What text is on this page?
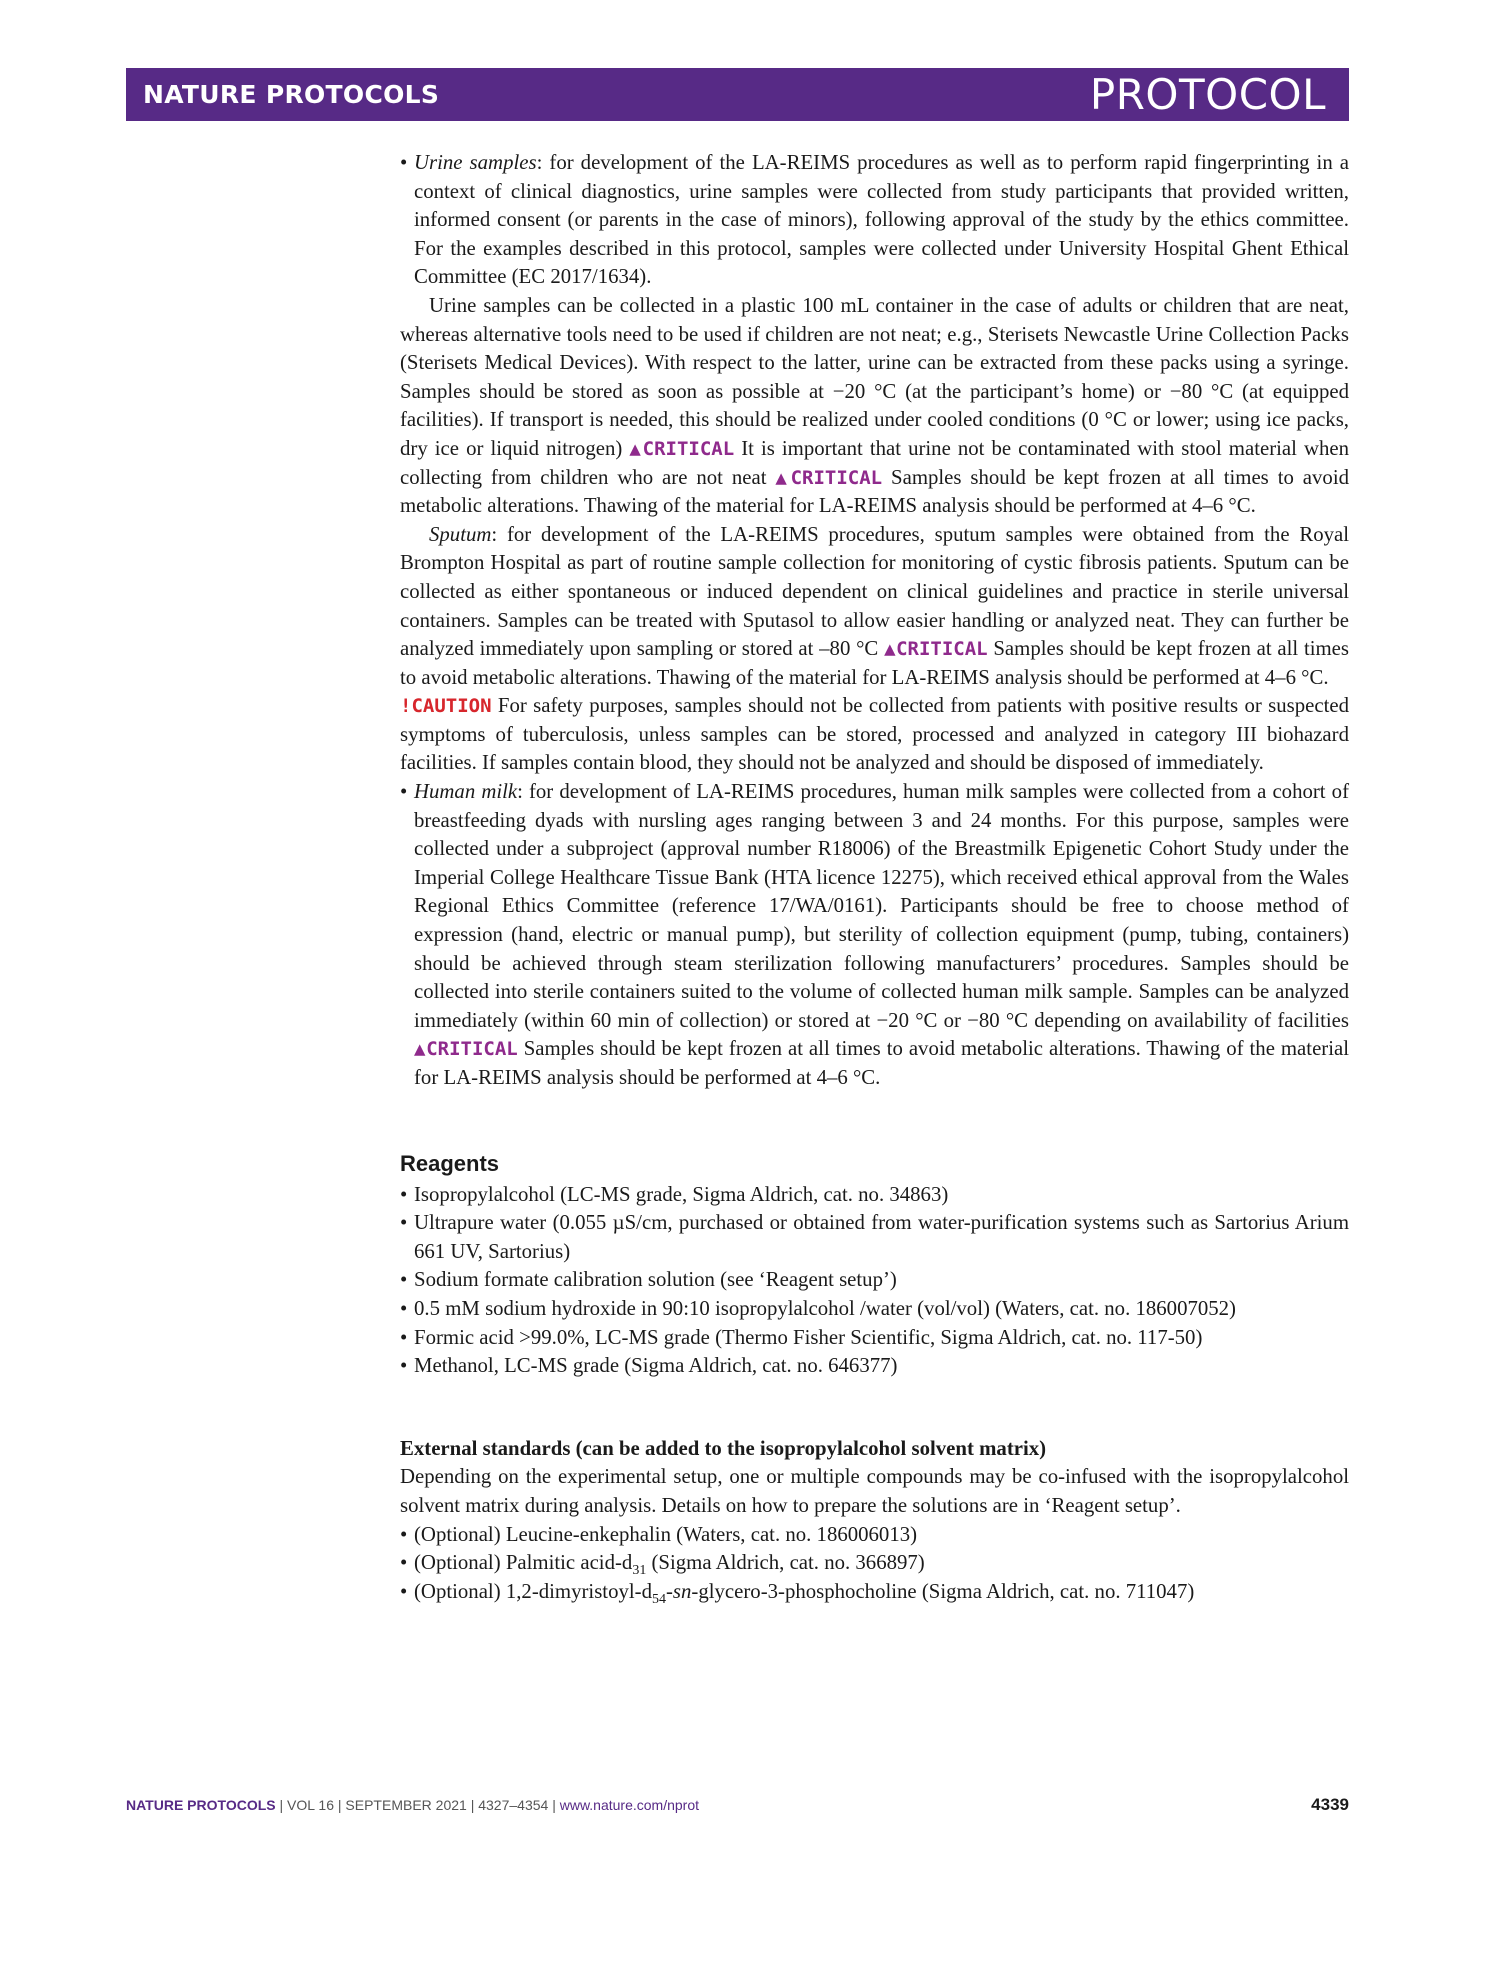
NATURE PROTOCOLS	PROTOCOL

• Urine samples: for development of the LA-REIMS procedures as well as to perform rapid fingerprinting in a context of clinical diagnostics, urine samples were collected from study participants that provided written, informed consent (or parents in the case of minors), following approval of the study by the ethics committee. For the examples described in this protocol, samples were collected under University Hospital Ghent Ethical Committee (EC 2017/1634).

Urine samples can be collected in a plastic 100 mL container in the case of adults or children that are neat, whereas alternative tools need to be used if children are not neat; e.g., Sterisets Newcastle Urine Collection Packs (Sterisets Medical Devices). With respect to the latter, urine can be extracted from these packs using a syringe. Samples should be stored as soon as possible at −20 °C (at the participant’s home) or −80 °C (at equipped facilities). If transport is needed, this should be realized under cooled conditions (0 °C or lower; using ice packs, dry ice or liquid nitrogen) ▲CRITICAL It is important that urine not be contaminated with stool material when collecting from children who are not neat ▲CRITICAL Samples should be kept frozen at all times to avoid metabolic alterations. Thawing of the material for LA-REIMS analysis should be performed at 4–6 °C.

Sputum: for development of the LA-REIMS procedures, sputum samples were obtained from the Royal Brompton Hospital as part of routine sample collection for monitoring of cystic fibrosis patients. Sputum can be collected as either spontaneous or induced dependent on clinical guidelines and practice in sterile universal containers. Samples can be treated with Sputasol to allow easier handling or analyzed neat. They can further be analyzed immediately upon sampling or stored at –80 °C ▲CRITICAL Samples should be kept frozen at all times to avoid metabolic alterations. Thawing of the material for LA-REIMS analysis should be performed at 4–6 °C.
!CAUTION For safety purposes, samples should not be collected from patients with positive results or suspected symptoms of tuberculosis, unless samples can be stored, processed and analyzed in category III biohazard facilities. If samples contain blood, they should not be analyzed and should be disposed of immediately.

• Human milk: for development of LA-REIMS procedures, human milk samples were collected from a cohort of breastfeeding dyads with nursling ages ranging between 3 and 24 months. For this purpose, samples were collected under a subproject (approval number R18006) of the Breastmilk Epigenetic Cohort Study under the Imperial College Healthcare Tissue Bank (HTA licence 12275), which received ethical approval from the Wales Regional Ethics Committee (reference 17/WA/0161). Participants should be free to choose method of expression (hand, electric or manual pump), but sterility of collection equipment (pump, tubing, containers) should be achieved through steam sterilization following manufacturers’ procedures. Samples should be collected into sterile containers suited to the volume of collected human milk sample. Samples can be analyzed immediately (within 60 min of collection) or stored at −20 °C or −80 °C depending on availability of facilities ▲CRITICAL Samples should be kept frozen at all times to avoid metabolic alterations. Thawing of the material for LA-REIMS analysis should be performed at 4–6 °C.

Reagents

• Isopropylalcohol (LC-MS grade, Sigma Aldrich, cat. no. 34863)

• Ultrapure water (0.055 µS/cm, purchased or obtained from water-purification systems such as Sartorius Arium 661 UV, Sartorius)

• Sodium formate calibration solution (see ‘Reagent setup’)

• 0.5 mM sodium hydroxide in 90:10 isopropylalcohol /water (vol/vol) (Waters, cat. no. 186007052)

• Formic acid >99.0%, LC-MS grade (Thermo Fisher Scientific, Sigma Aldrich, cat. no. 117-50)

• Methanol, LC-MS grade (Sigma Aldrich, cat. no. 646377)

External standards (can be added to the isopropylalcohol solvent matrix)

Depending on the experimental setup, one or multiple compounds may be co-infused with the isopropylalcohol solvent matrix during analysis. Details on how to prepare the solutions are in ‘Reagent setup’.

• (Optional) Leucine-enkephalin (Waters, cat. no. 186006013)

• (Optional) Palmitic acid-$d_{31}$ (Sigma Aldrich, cat. no. 366897)

• (Optional) $1,2-dimyristoyl-d_{54}-sn-glycero-3$-phosphocholine (Sigma Aldrich, cat. no. 711047)

NATURE PROTOCOLS | VOL 16 | SEPTEMBER 2021 | 4327–4354 | www.nature.com/nprot	4339
